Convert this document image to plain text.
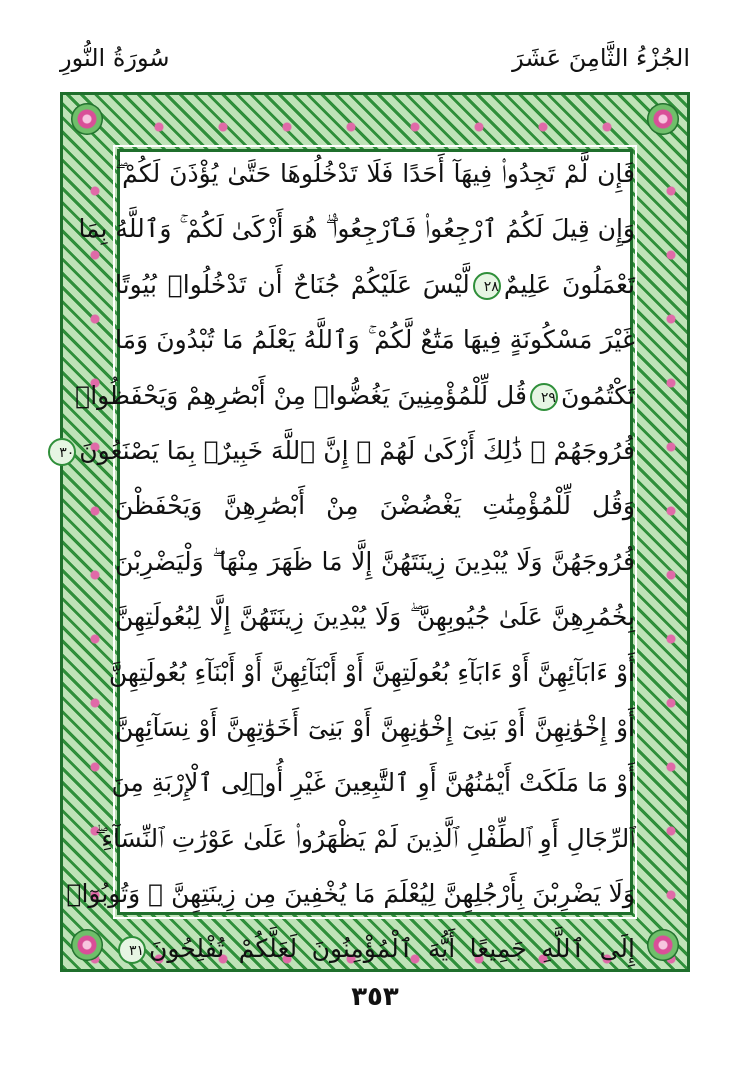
سُورَةُ النُّورِ	الجُزْءُ الثَّامِنَ عَشَرَ
فَإِن لَّمْ تَجِدُوا۟ فِيهَآ أَحَدًا فَلَا تَدْخُلُوهَا حَتَّىٰ يُؤْذَنَ لَكُمْ ۖ
وَإِن قِيلَ لَكُمُ ٱرْجِعُوا۟ فَٱرْجِعُوا۟ ۖ هُوَ أَزْكَىٰ لَكُمْ ۚ وَٱللَّهُ بِمَا
تَعْمَلُونَ عَلِيمٌ٢٨لَّيْسَ عَلَيْكُمْ جُنَاحٌ أَن تَدْخُلُوا۟ بُيُوتًا
غَيْرَ مَسْكُونَةٍ فِيهَا مَتَٰعٌ لَّكُمْ ۚ وَٱللَّهُ يَعْلَمُ مَا تُبْدُونَ وَمَا
تَكْتُمُونَ٢٩قُل لِّلْمُؤْمِنِينَ يَغُضُّوا۟ مِنْ أَبْصَٰرِهِمْ وَيَحْفَظُوا۟
فُرُوجَهُمْ ۚ ذَٰلِكَ أَزْكَىٰ لَهُمْ ۗ إِنَّ ٱللَّهَ خَبِيرٌۢ بِمَا يَصْنَعُونَ٣٠
وَقُل لِّلْمُؤْمِنَٰتِ يَغْضُضْنَ مِنْ أَبْصَٰرِهِنَّ وَيَحْفَظْنَ
فُرُوجَهُنَّ وَلَا يُبْدِينَ زِينَتَهُنَّ إِلَّا مَا ظَهَرَ مِنْهَا ۖ وَلْيَضْرِبْنَ
بِخُمُرِهِنَّ عَلَىٰ جُيُوبِهِنَّ ۖ وَلَا يُبْدِينَ زِينَتَهُنَّ إِلَّا لِبُعُولَتِهِنَّ
أَوْ ءَابَآئِهِنَّ أَوْ ءَابَآءِ بُعُولَتِهِنَّ أَوْ أَبْنَآئِهِنَّ أَوْ أَبْنَآءِ بُعُولَتِهِنَّ
أَوْ إِخْوَٰنِهِنَّ أَوْ بَنِىٓ إِخْوَٰنِهِنَّ أَوْ بَنِىٓ أَخَوَٰتِهِنَّ أَوْ نِسَآئِهِنَّ
أَوْ مَا مَلَكَتْ أَيْمَٰنُهُنَّ أَوِ ٱلتَّٰبِعِينَ غَيْرِ أُو۟لِى ٱلْإِرْبَةِ مِنَ
ٱلرِّجَالِ أَوِ ٱلطِّفْلِ ٱلَّذِينَ لَمْ يَظْهَرُوا۟ عَلَىٰ عَوْرَٰتِ ٱلنِّسَآءِ ۖ
وَلَا يَضْرِبْنَ بِأَرْجُلِهِنَّ لِيُعْلَمَ مَا يُخْفِينَ مِن زِينَتِهِنَّ ۚ وَتُوبُوٓا۟
إِلَى ٱللَّهِ جَمِيعًا أَيُّهَ ٱلْمُؤْمِنُونَ لَعَلَّكُمْ تُفْلِحُونَ٣١
٣٥٣
